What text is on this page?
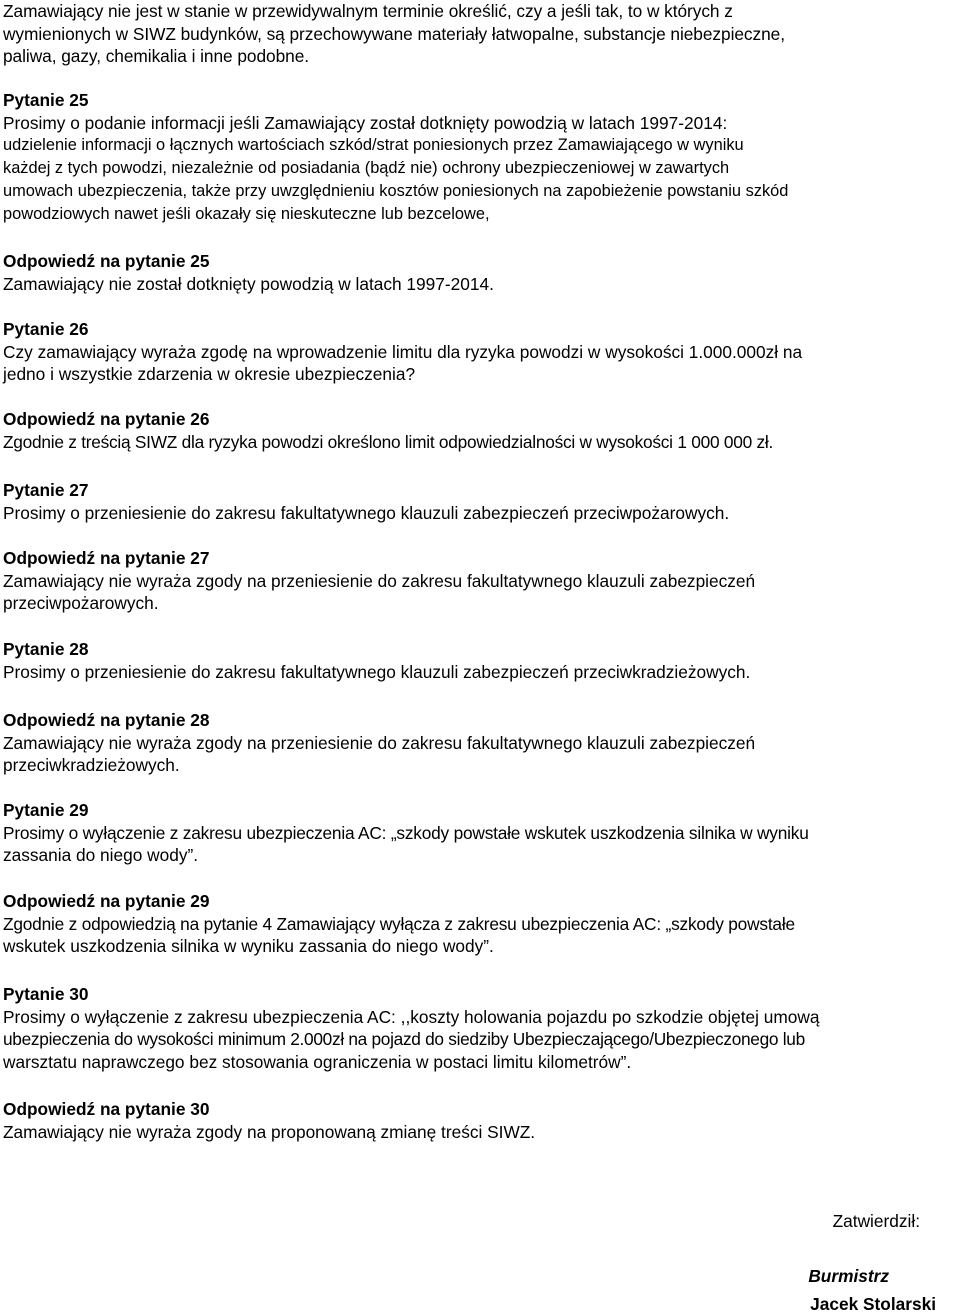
Zamawiający nie jest w stanie w przewidywalnym terminie określić, czy a jeśli tak, to w których z

wymienionych w SIWZ budynków, są przechowywane materiały łatwopalne, substancje niebezpieczne,

paliwa, gazy, chemikalia i inne podobne.

Pytanie 25

Prosimy o podanie informacji jeśli Zamawiający został dotknięty powodzią w latach 1997-2014:

udzielenie informacji o łącznych wartościach szkód/strat poniesionych przez Zamawiającego w wyniku

każdej z tych powodzi, niezależnie od posiadania (bądź nie) ochrony ubezpieczeniowej w zawartych

umowach ubezpieczenia, także przy uwzględnieniu kosztów poniesionych na zapobieżenie powstaniu szkód

powodziowych nawet jeśli okazały się nieskuteczne lub bezcelowe,

Odpowiedź na pytanie 25

Zamawiający nie został dotknięty powodzią w latach 1997-2014.

Pytanie 26

Czy zamawiający wyraża zgodę na wprowadzenie limitu dla ryzyka powodzi w wysokości 1.000.000zł na

jedno i wszystkie zdarzenia w okresie ubezpieczenia?

Odpowiedź na pytanie 26

Zgodnie z treścią SIWZ dla ryzyka powodzi określono limit odpowiedzialności w wysokości 1 000 000 zł.

Pytanie 27

Prosimy o przeniesienie do zakresu fakultatywnego klauzuli zabezpieczeń przeciwpożarowych.

Odpowiedź na pytanie 27

Zamawiający nie wyraża zgody na przeniesienie do zakresu fakultatywnego klauzuli zabezpieczeń

przeciwpożarowych.

Pytanie 28

Prosimy o przeniesienie do zakresu fakultatywnego klauzuli zabezpieczeń przeciwkradzieżowych.

Odpowiedź na pytanie 28

Zamawiający nie wyraża zgody na przeniesienie do zakresu fakultatywnego klauzuli zabezpieczeń

przeciwkradzieżowych.

Pytanie 29

Prosimy o wyłączenie z zakresu ubezpieczenia AC: „szkody powstałe wskutek uszkodzenia silnika w wyniku

zassania do niego wody”.

Odpowiedź na pytanie 29

Zgodnie z odpowiedzią na pytanie 4 Zamawiający wyłącza z zakresu ubezpieczenia AC: „szkody powstałe

wskutek uszkodzenia silnika w wyniku zassania do niego wody”.

Pytanie 30

Prosimy o wyłączenie z zakresu ubezpieczenia AC: ,,koszty holowania pojazdu po szkodzie objętej umową

ubezpieczenia do wysokości minimum 2.000zł na pojazd do siedziby Ubezpieczającego/Ubezpieczonego lub

warsztatu naprawczego bez stosowania ograniczenia w postaci limitu kilometrów”.

Odpowiedź na pytanie 30

Zamawiający nie wyraża zgody na proponowaną zmianę treści SIWZ.

Zatwierdził:

Burmistrz

Jacek Stolarski
